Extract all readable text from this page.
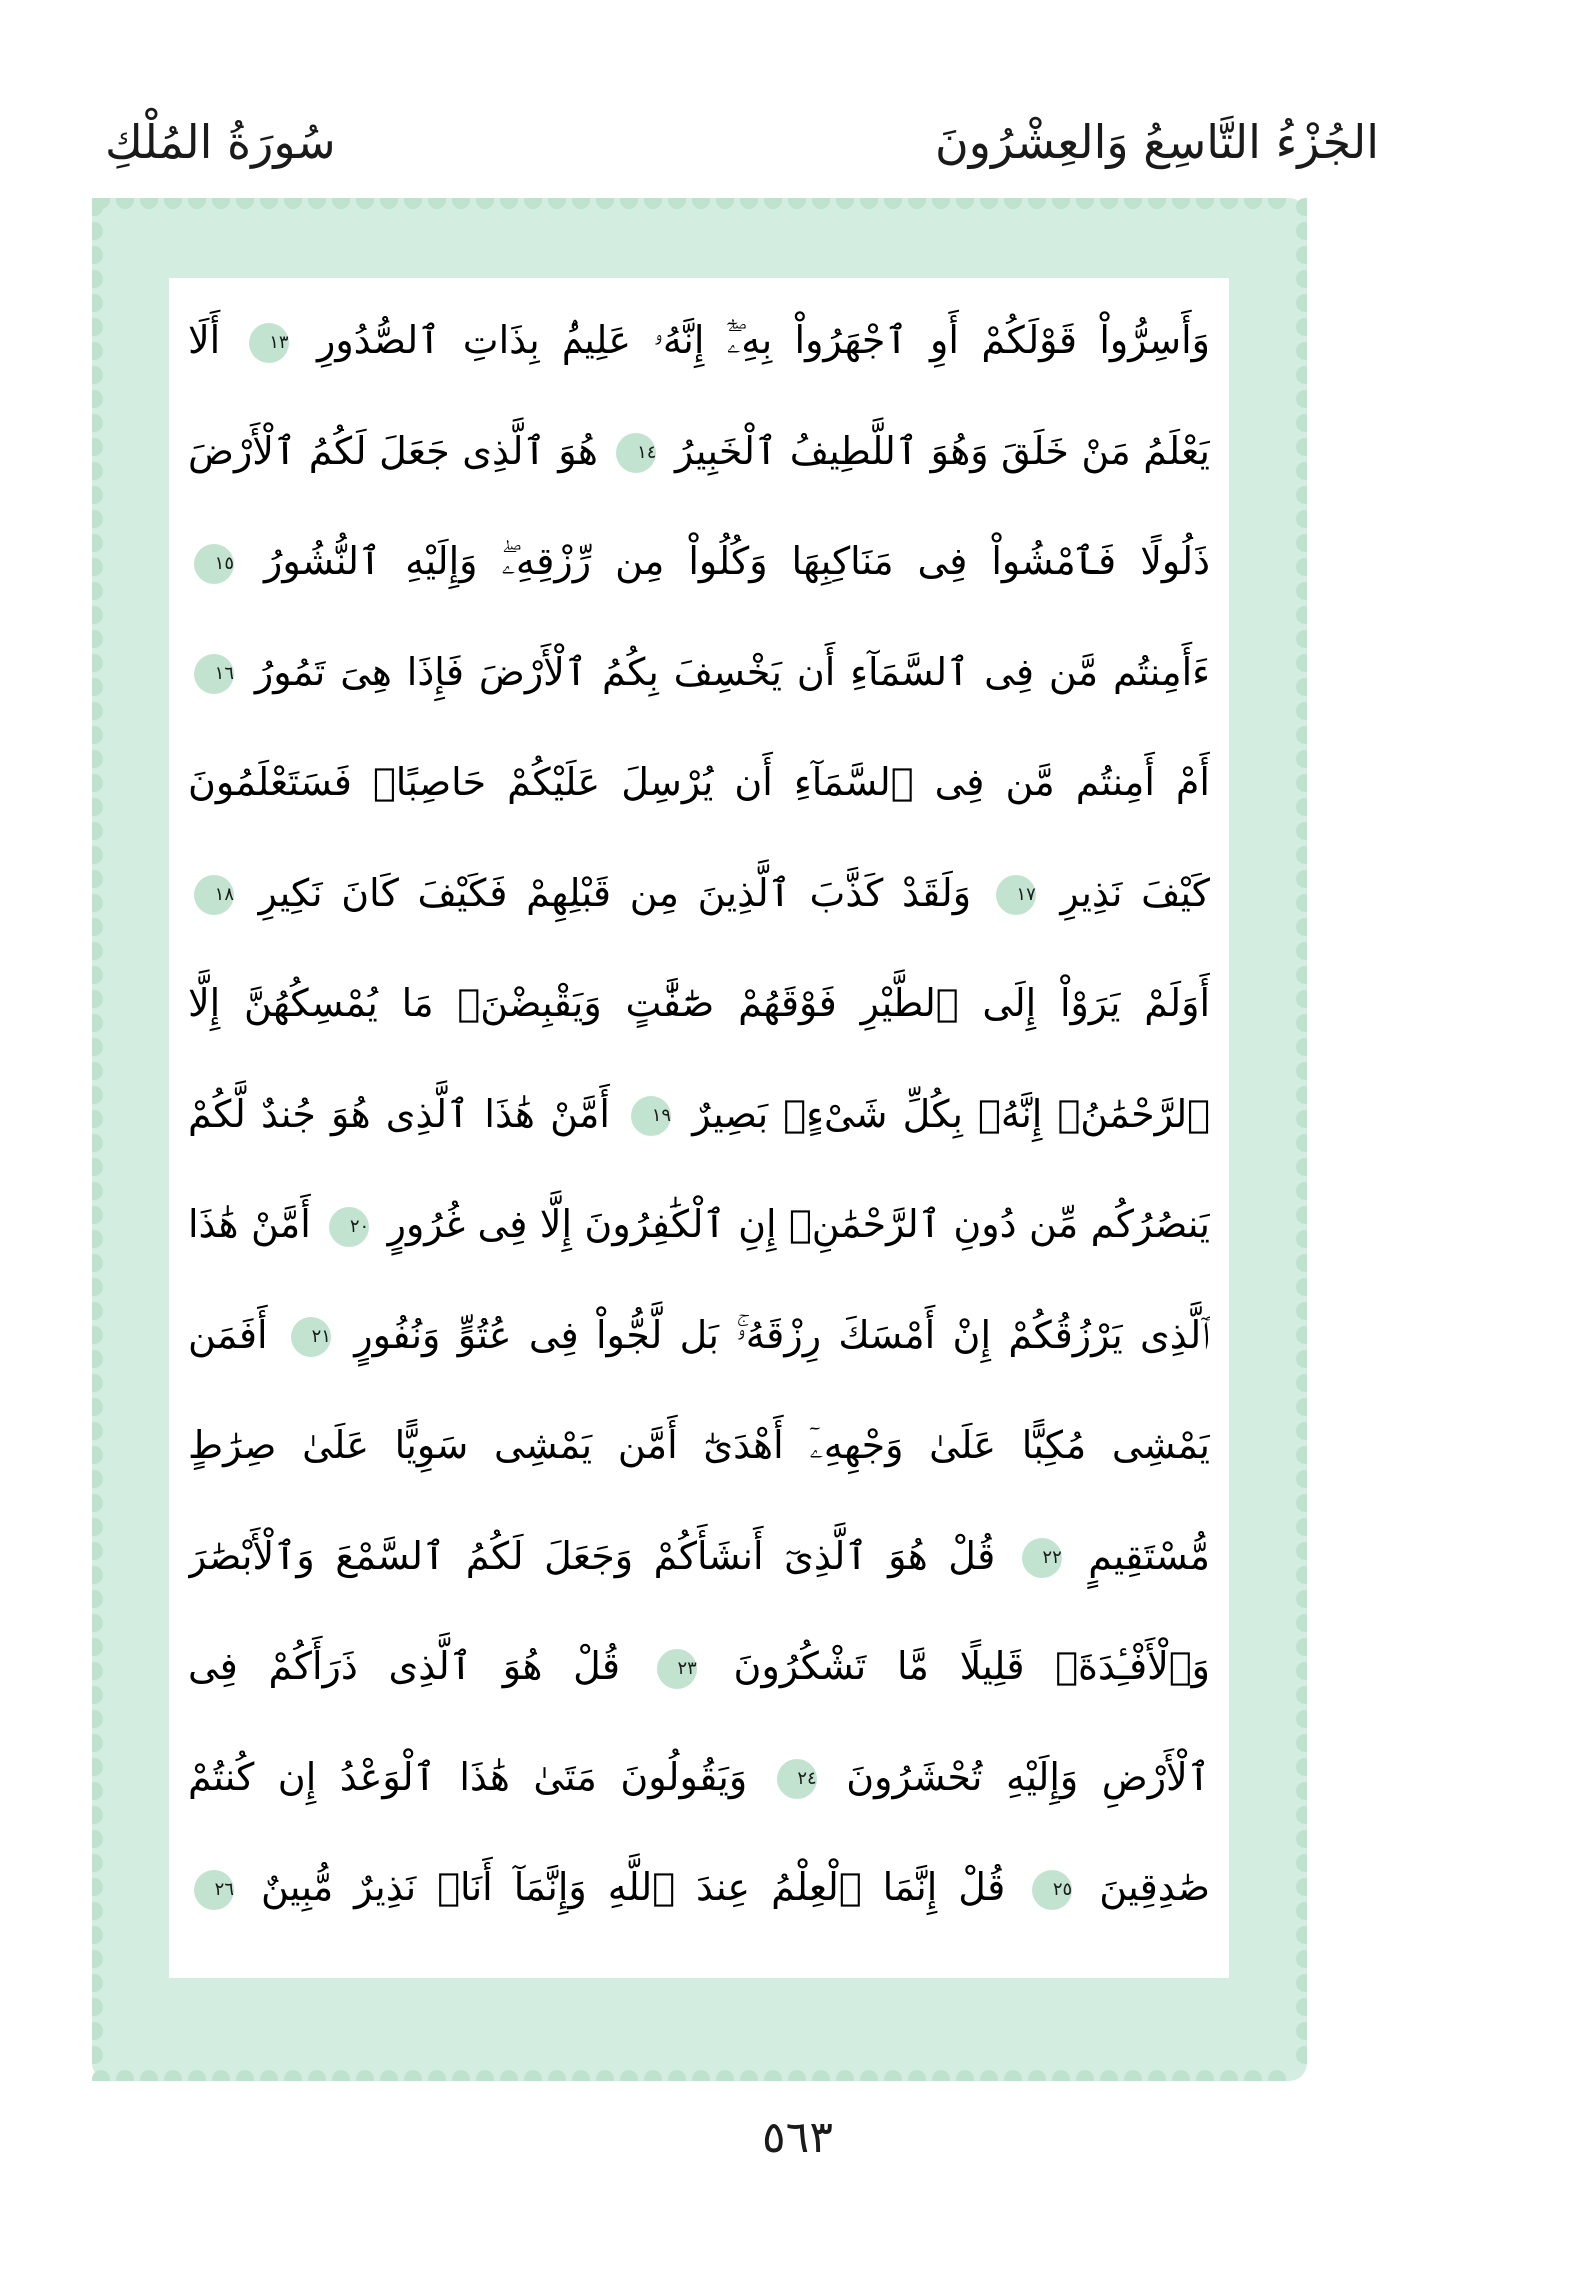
الجُزْءُ التَّاسِعُ وَالعِشْرُونَ
سُورَةُ المُلْكِ
وَأَسِرُّواْ قَوْلَكُمْ أَوِ ٱجْهَرُواْ بِهِۦٓۖ إِنَّهُۥ عَلِيمُۢ بِذَاتِ ٱلصُّدُورِ ١٣ أَلَا
يَعْلَمُ مَنْ خَلَقَ وَهُوَ ٱللَّطِيفُ ٱلْخَبِيرُ ١٤ هُوَ ٱلَّذِى جَعَلَ لَكُمُ ٱلْأَرْضَ
ذَلُولًا فَٱمْشُواْ فِى مَنَاكِبِهَا وَكُلُواْ مِن رِّزْقِهِۦۖ وَإِلَيْهِ ٱلنُّشُورُ ١٥
ءَأَمِنتُم مَّن فِى ٱلسَّمَآءِ أَن يَخْسِفَ بِكُمُ ٱلْأَرْضَ فَإِذَا هِىَ تَمُورُ ١٦
أَمْ أَمِنتُم مَّن فِى ٱلسَّمَآءِ أَن يُرْسِلَ عَلَيْكُمْ حَاصِبًاۖ فَسَتَعْلَمُونَ
كَيْفَ نَذِيرِ ١٧ وَلَقَدْ كَذَّبَ ٱلَّذِينَ مِن قَبْلِهِمْ فَكَيْفَ كَانَ نَكِيرِ ١٨
أَوَلَمْ يَرَوْاْ إِلَى ٱلطَّيْرِ فَوْقَهُمْ صَٰٓفَّٰتٍ وَيَقْبِضْنَۚ مَا يُمْسِكُهُنَّ إِلَّا
ٱلرَّحْمَٰنُۚ إِنَّهُۥ بِكُلِّ شَىْءٍۭ بَصِيرٌ ١٩ أَمَّنْ هَٰذَا ٱلَّذِى هُوَ جُندٌ لَّكُمْ
يَنصُرُكُم مِّن دُونِ ٱلرَّحْمَٰنِۚ إِنِ ٱلْكَٰفِرُونَ إِلَّا فِى غُرُورٍ ٢٠ أَمَّنْ هَٰذَا
ٱلَّذِى يَرْزُقُكُمْ إِنْ أَمْسَكَ رِزْقَهُۥۚ بَل لَّجُّواْ فِى عُتُوٍّ وَنُفُورٍ ٢١ أَفَمَن
يَمْشِى مُكِبًّا عَلَىٰ وَجْهِهِۦٓ أَهْدَىٰٓ أَمَّن يَمْشِى سَوِيًّا عَلَىٰ صِرَٰطٍ
مُّسْتَقِيمٍ ٢٢ قُلْ هُوَ ٱلَّذِىٓ أَنشَأَكُمْ وَجَعَلَ لَكُمُ ٱلسَّمْعَ وَٱلْأَبْصَٰرَ
وَٱلْأَفْـِٔدَةَۚ قَلِيلًا مَّا تَشْكُرُونَ ٢٣ قُلْ هُوَ ٱلَّذِى ذَرَأَكُمْ فِى
ٱلْأَرْضِ وَإِلَيْهِ تُحْشَرُونَ ٢٤ وَيَقُولُونَ مَتَىٰ هَٰذَا ٱلْوَعْدُ إِن كُنتُمْ
صَٰدِقِينَ ٢٥ قُلْ إِنَّمَا ٱلْعِلْمُ عِندَ ٱللَّهِ وَإِنَّمَآ أَنَا۠ نَذِيرٌ مُّبِينٌ ٢٦
٥٦٣
